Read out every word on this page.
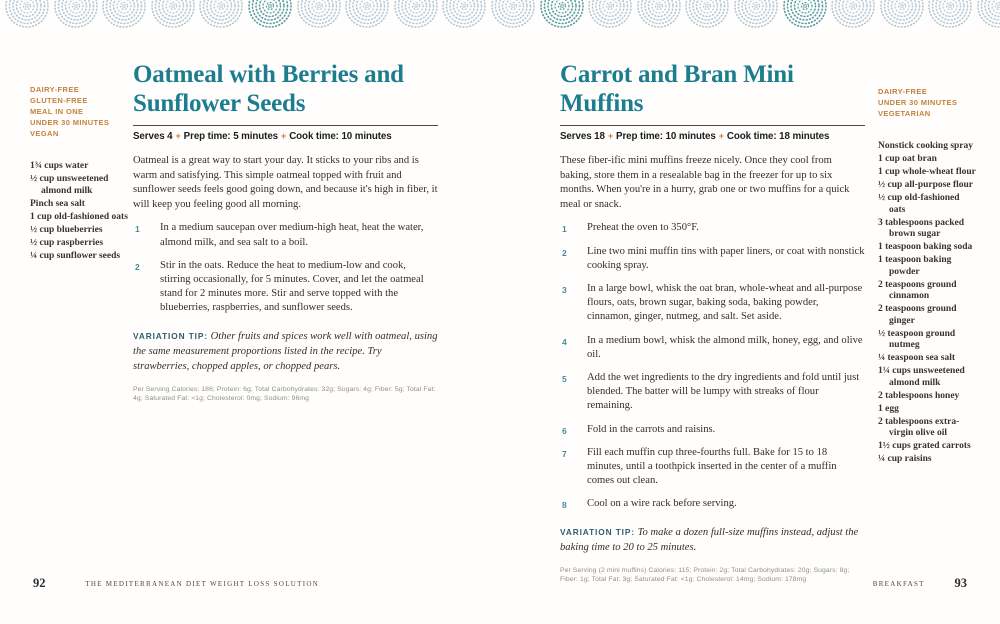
DAIRY-FREE
GLUTEN-FREE
MEAL IN ONE
UNDER 30 MINUTES
VEGAN
1¾ cups water
½ cup unsweetened almond milk
Pinch sea salt
1 cup old-fashioned oats
½ cup blueberries
½ cup raspberries
¼ cup sunflower seeds
Oatmeal with Berries and Sunflower Seeds
Serves 4 + Prep time: 5 minutes + Cook time: 10 minutes

Oatmeal is a great way to start your day. It sticks to your ribs and is warm and satisfying. This simple oatmeal topped with fruit and sunflower seeds feels good going down, and because it's high in fiber, it will keep you feeling good all morning.

1 In a medium saucepan over medium-high heat, heat the water, almond milk, and sea salt to a boil.
2 Stir in the oats. Reduce the heat to medium-low and cook, stirring occasionally, for 5 minutes. Cover, and let the oatmeal stand for 2 minutes more. Stir and serve topped with the blueberries, raspberries, and sunflower seeds.

VARIATION TIP: Other fruits and spices work well with oatmeal, using the same measurement proportions listed in the recipe. Try strawberries, chopped apples, or chopped pears.

Per Serving Calories: 186; Protein: 6g; Total Carbohydrates: 32g; Sugars: 4g; Fiber: 5g; Total Fat: 4g; Saturated Fat: <1g; Cholesterol: 0mg; Sodium: 96mg

92	THE MEDITERRANEAN DIET WEIGHT LOSS SOLUTION
Carrot and Bran Mini Muffins
Serves 18 + Prep time: 10 minutes + Cook time: 18 minutes

These fiber-ific mini muffins freeze nicely. Once they cool from baking, store them in a resealable bag in the freezer for up to six months. When you're in a hurry, grab one or two muffins for a quick meal or snack.

1 Preheat the oven to 350°F.
2 Line two mini muffin tins with paper liners, or coat with nonstick cooking spray.
3 In a large bowl, whisk the oat bran, whole-wheat and all-purpose flours, oats, brown sugar, baking soda, baking powder, cinnamon, ginger, nutmeg, and salt. Set aside.
4 In a medium bowl, whisk the almond milk, honey, egg, and olive oil.
5 Add the wet ingredients to the dry ingredients and fold until just blended. The batter will be lumpy with streaks of flour remaining.
6 Fold in the carrots and raisins.
7 Fill each muffin cup three-fourths full. Bake for 15 to 18 minutes, until a toothpick inserted in the center of a muffin comes out clean.
8 Cool on a wire rack before serving.

VARIATION TIP: To make a dozen full-size muffins instead, adjust the baking time to 20 to 25 minutes.

Per Serving (2 mini muffins) Calories: 115; Protein: 2g; Total Carbohydrates: 20g; Sugars: 8g; Fiber: 1g; Total Fat: 3g; Saturated Fat: <1g; Cholesterol: 14mg; Sodium: 178mg

DAIRY-FREE
UNDER 30 MINUTES
VEGETARIAN
Nonstick cooking spray
1 cup oat bran
1 cup whole-wheat flour
½ cup all-purpose flour
½ cup old-fashioned oats
3 tablespoons packed brown sugar
1 teaspoon baking soda
1 teaspoon baking powder
2 teaspoons ground cinnamon
2 teaspoons ground ginger
½ teaspoon ground nutmeg
¼ teaspoon sea salt
1¼ cups unsweetened almond milk
2 tablespoons honey
1 egg
2 tablespoons extra-virgin olive oil
1½ cups grated carrots
¼ cup raisins
BREAKFAST 93
